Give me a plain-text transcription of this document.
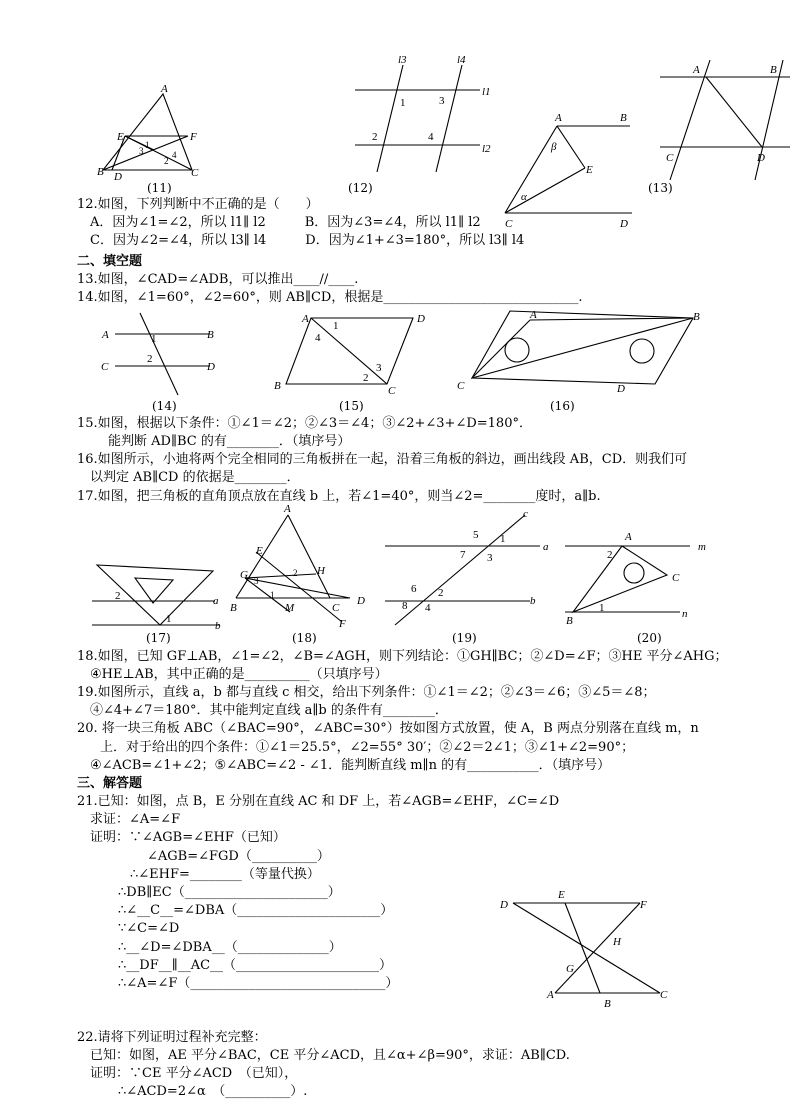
A
E	F
B D	C
1
2
3	4
l3	l4
l1
l2
1	3
2	4
A	B
C	D
A	B
β
E
α
C	D
A	B
C	D
1
2
A	D
B	C
1
4
2
3
A	B
C	D
2	a
1
b
A
E
G	H
B	M	C
D
F
1
2
3
5 1
c
a
7 3
6 2
8 4
b
A
m
2
C
1	n
B
D
E
F
H
G
A
B
C
(11)	(12)	(13)
(14)	(15)	(16)
(17)	(18)	(19)	(20)
12.如图，下列判断中不正确的是（　　）
A．因为∠1=∠2，所以 l1∥ l2　　　B．因为∠3=∠4，所以 l1∥ l2
C．因为∠2=∠4，所以 l3∥ l4　　　D．因为∠1+∠3=180°，所以 l3∥ l4
二、填空题
13.如图，∠CAD=∠ADB，可以推出____//____.
14.如图，∠1=60°，∠2=60°，则 AB∥CD，根据是______________________________.
15.如图，根据以下条件：①∠1＝∠2；②∠3＝∠4；③∠2+∠3+∠D=180°．
能判断 AD∥BC 的有________．（填序号）
16.如图所示，小迪将两个完全相同的三角板拼在一起，沿着三角板的斜边，画出线段 AB，CD．则我们可
以判定 AB∥CD 的依据是________．
17.如图，把三角板的直角顶点放在直线 b 上，若∠1=40°，则当∠2=________度时，a∥b.
18.如图，已知 GF⊥AB，∠1=∠2，∠B=∠AGH，则下列结论：①GH∥BC；②∠D=∠F；③HE 平分∠AHG；
④HE⊥AB，其中正确的是__________（只填序号）
19.如图所示，直线 a，b 都与直线 c 相交，给出下列条件：①∠1＝∠2；②∠3＝∠6；③∠5＝∠8；
④∠4+∠7＝180°．其中能判定直线 a∥b 的条件有________．
20. 将一块三角板 ABC（∠BAC=90°，∠ABC=30°）按如图方式放置，使 A，B 两点分别落在直线 m，n
上．对于给出的四个条件：①∠1＝25.5°，∠2=55° 30′；②∠2＝2∠1；③∠1+∠2=90°；
④∠ACB=∠1+∠2；⑤∠ABC=∠2 - ∠1．能判断直线 m∥n 的有___________．（填序号）
三、解答题
21.已知：如图，点 B，E 分别在直线 AC 和 DF 上，若∠AGB=∠EHF，∠C=∠D
求证：∠A=∠F
证明：∵∠AGB=∠EHF（已知）
∠AGB=∠FGD（__________）
∴∠EHF=________（等量代换）
∴DB∥EC（______________________）
∴∠__C__=∠DBA（______________________）
∵∠C=∠D
∴__∠D=∠DBA__（______________）
∴__DF__∥__AC__（______________________）
∴∠A=∠F（______________________________）
22.请将下列证明过程补充完整：
已知：如图，AE 平分∠BAC，CE 平分∠ACD，且∠α+∠β=90°，求证：AB∥CD.
证明：∵CE 平分∠ACD　（已知），
∴∠ACD=2∠α　（__________）.
